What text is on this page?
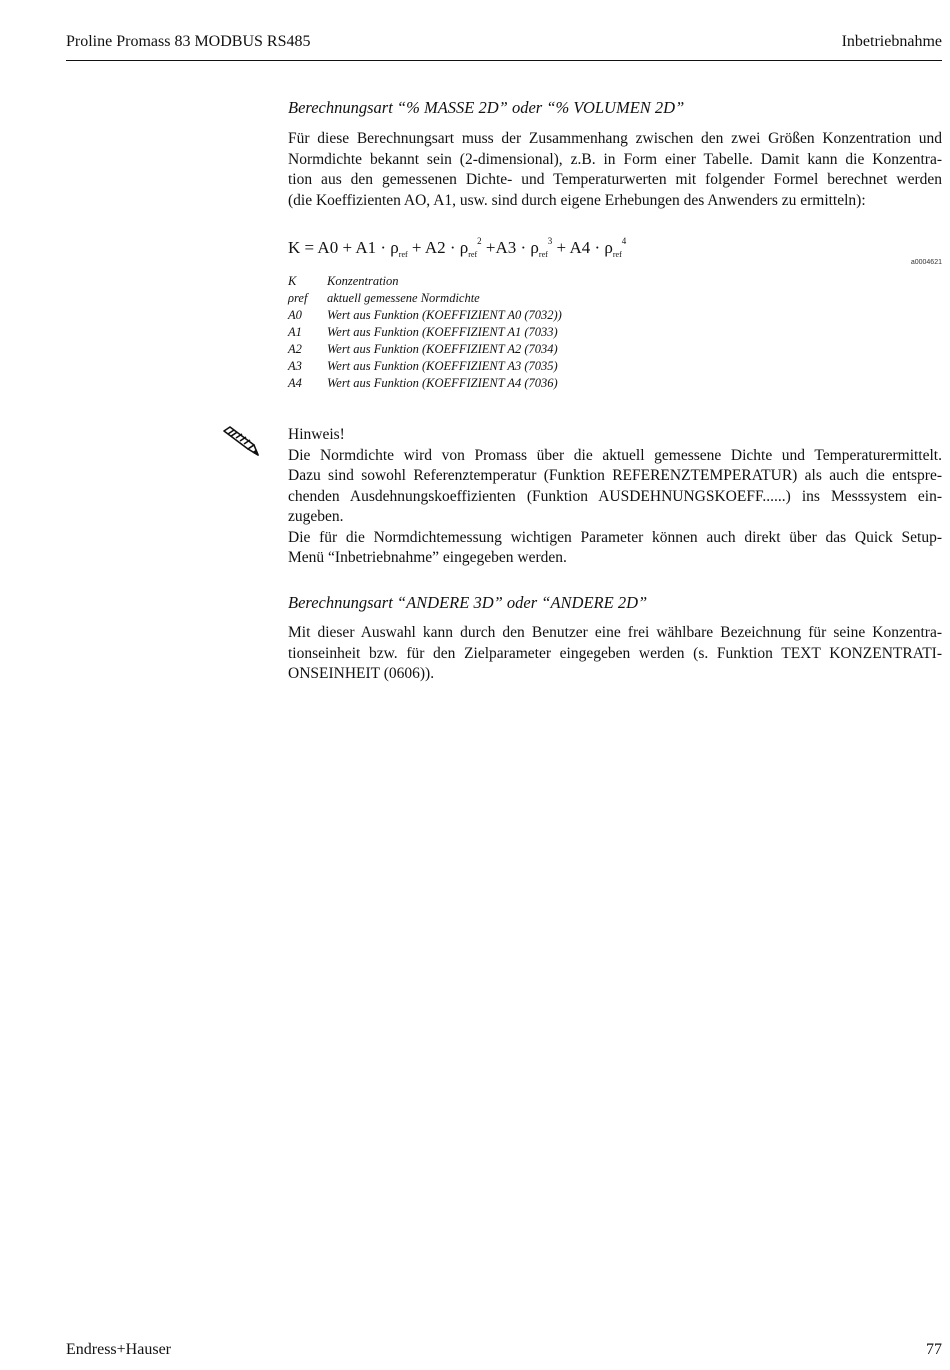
Proline Promass 83 MODBUS RS485	Inbetriebnahme

Berechnungsart “% MASSE 2D” oder “% VOLUMEN 2D”

Für diese Berechnungsart muss der Zusammenhang zwischen den zwei Größen Konzentration und

Normdichte bekannt sein (2-dimensional), z.B. in Form einer Tabelle. Damit kann die Konzentra-

tion aus den gemessenen Dichte- und Temperaturwerten mit folgender Formel berechnet werden

(die Koeffizienten AO, A1, usw. sind durch eigene Erhebungen des Anwenders zu ermitteln):

$K = A0 + A1 \cdot \rho_{ref} + A2 \cdot \rho_{ref}^2 +A3 \cdot \rho_{ref}^3 + A4 \cdot \rho_{ref}^4$
a0004621
K	Konzentration
ρref	aktuell gemessene Normdichte
A0	Wert aus Funktion (KOEFFIZIENT A0 (7032))
A1	Wert aus Funktion (KOEFFIZIENT A1 (7033)
A2	Wert aus Funktion (KOEFFIZIENT A2 (7034)
A3	Wert aus Funktion (KOEFFIZIENT A3 (7035)
A4	Wert aus Funktion (KOEFFIZIENT A4 (7036)

Hinweis!

Die Normdichte wird von Promass über die aktuell gemessene Dichte und Temperaturermittelt.

Dazu sind sowohl Referenztemperatur (Funktion REFERENZTEMPERATUR) als auch die entspre-

chenden Ausdehnungskoeffizienten (Funktion AUSDEHNUNGSKOEFF......) ins Messsystem ein-

zugeben.

Die für die Normdichtemessung wichtigen Parameter können auch direkt über das Quick Setup-

Menü “Inbetriebnahme” eingegeben werden.

Berechnungsart “ANDERE 3D” oder “ANDERE 2D”

Mit dieser Auswahl kann durch den Benutzer eine frei wählbare Bezeichnung für seine Konzentra-

tionseinheit bzw. für den Zielparameter eingegeben werden (s. Funktion TEXT KONZENTRATI-

ONSEINHEIT (0606)).

Endress+Hauser	77
